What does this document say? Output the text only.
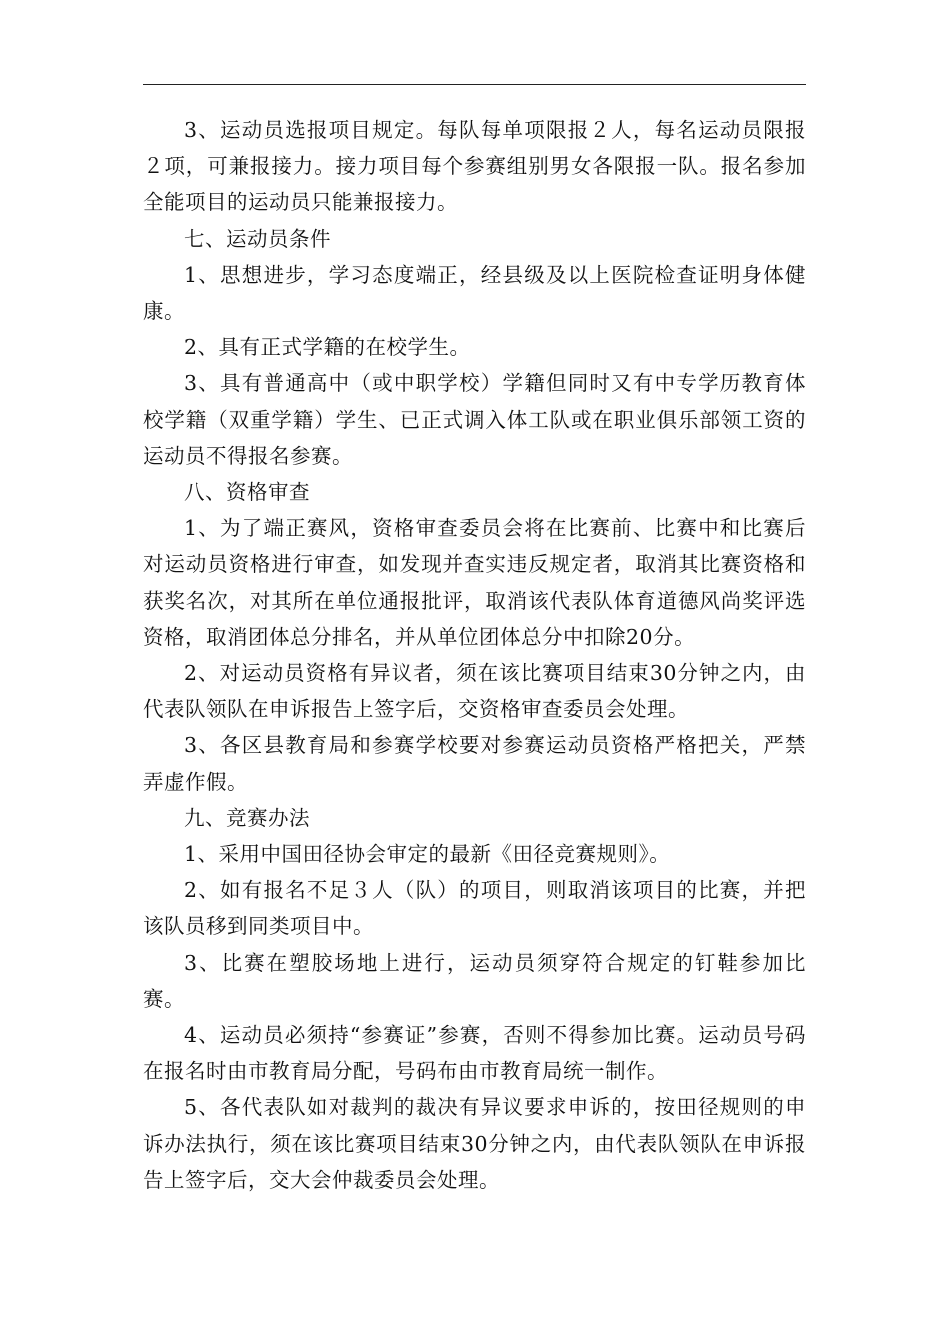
3、运动员选报项目规定。每队每单项限报２人，每名运动员限报２项，可兼报接力。接力项目每个参赛组别男女各限报一队。报名参加全能项目的运动员只能兼报接力。

七、运动员条件

1、思想进步，学习态度端正，经县级及以上医院检查证明身体健康。

2、具有正式学籍的在校学生。

3、具有普通高中（或中职学校）学籍但同时又有中专学历教育体校学籍（双重学籍）学生、已正式调入体工队或在职业俱乐部领工资的运动员不得报名参赛。

八、资格审查

1、为了端正赛风，资格审查委员会将在比赛前、比赛中和比赛后对运动员资格进行审查，如发现并查实违反规定者，取消其比赛资格和获奖名次，对其所在单位通报批评，取消该代表队体育道德风尚奖评选资格，取消团体总分排名，并从单位团体总分中扣除20分。

2、对运动员资格有异议者，须在该比赛项目结束30分钟之内，由代表队领队在申诉报告上签字后，交资格审查委员会处理。

3、各区县教育局和参赛学校要对参赛运动员资格严格把关，严禁弄虚作假。

九、竞赛办法

1、采用中国田径协会审定的最新《田径竞赛规则》。

2、如有报名不足３人（队）的项目，则取消该项目的比赛，并把该队员移到同类项目中。

3、比赛在塑胶场地上进行，运动员须穿符合规定的钉鞋参加比赛。

4、运动员必须持“参赛证”参赛，否则不得参加比赛。运动员号码在报名时由市教育局分配，号码布由市教育局统一制作。

5、各代表队如对裁判的裁决有异议要求申诉的，按田径规则的申诉办法执行，须在该比赛项目结束30分钟之内，由代表队领队在申诉报告上签字后，交大会仲裁委员会处理。
